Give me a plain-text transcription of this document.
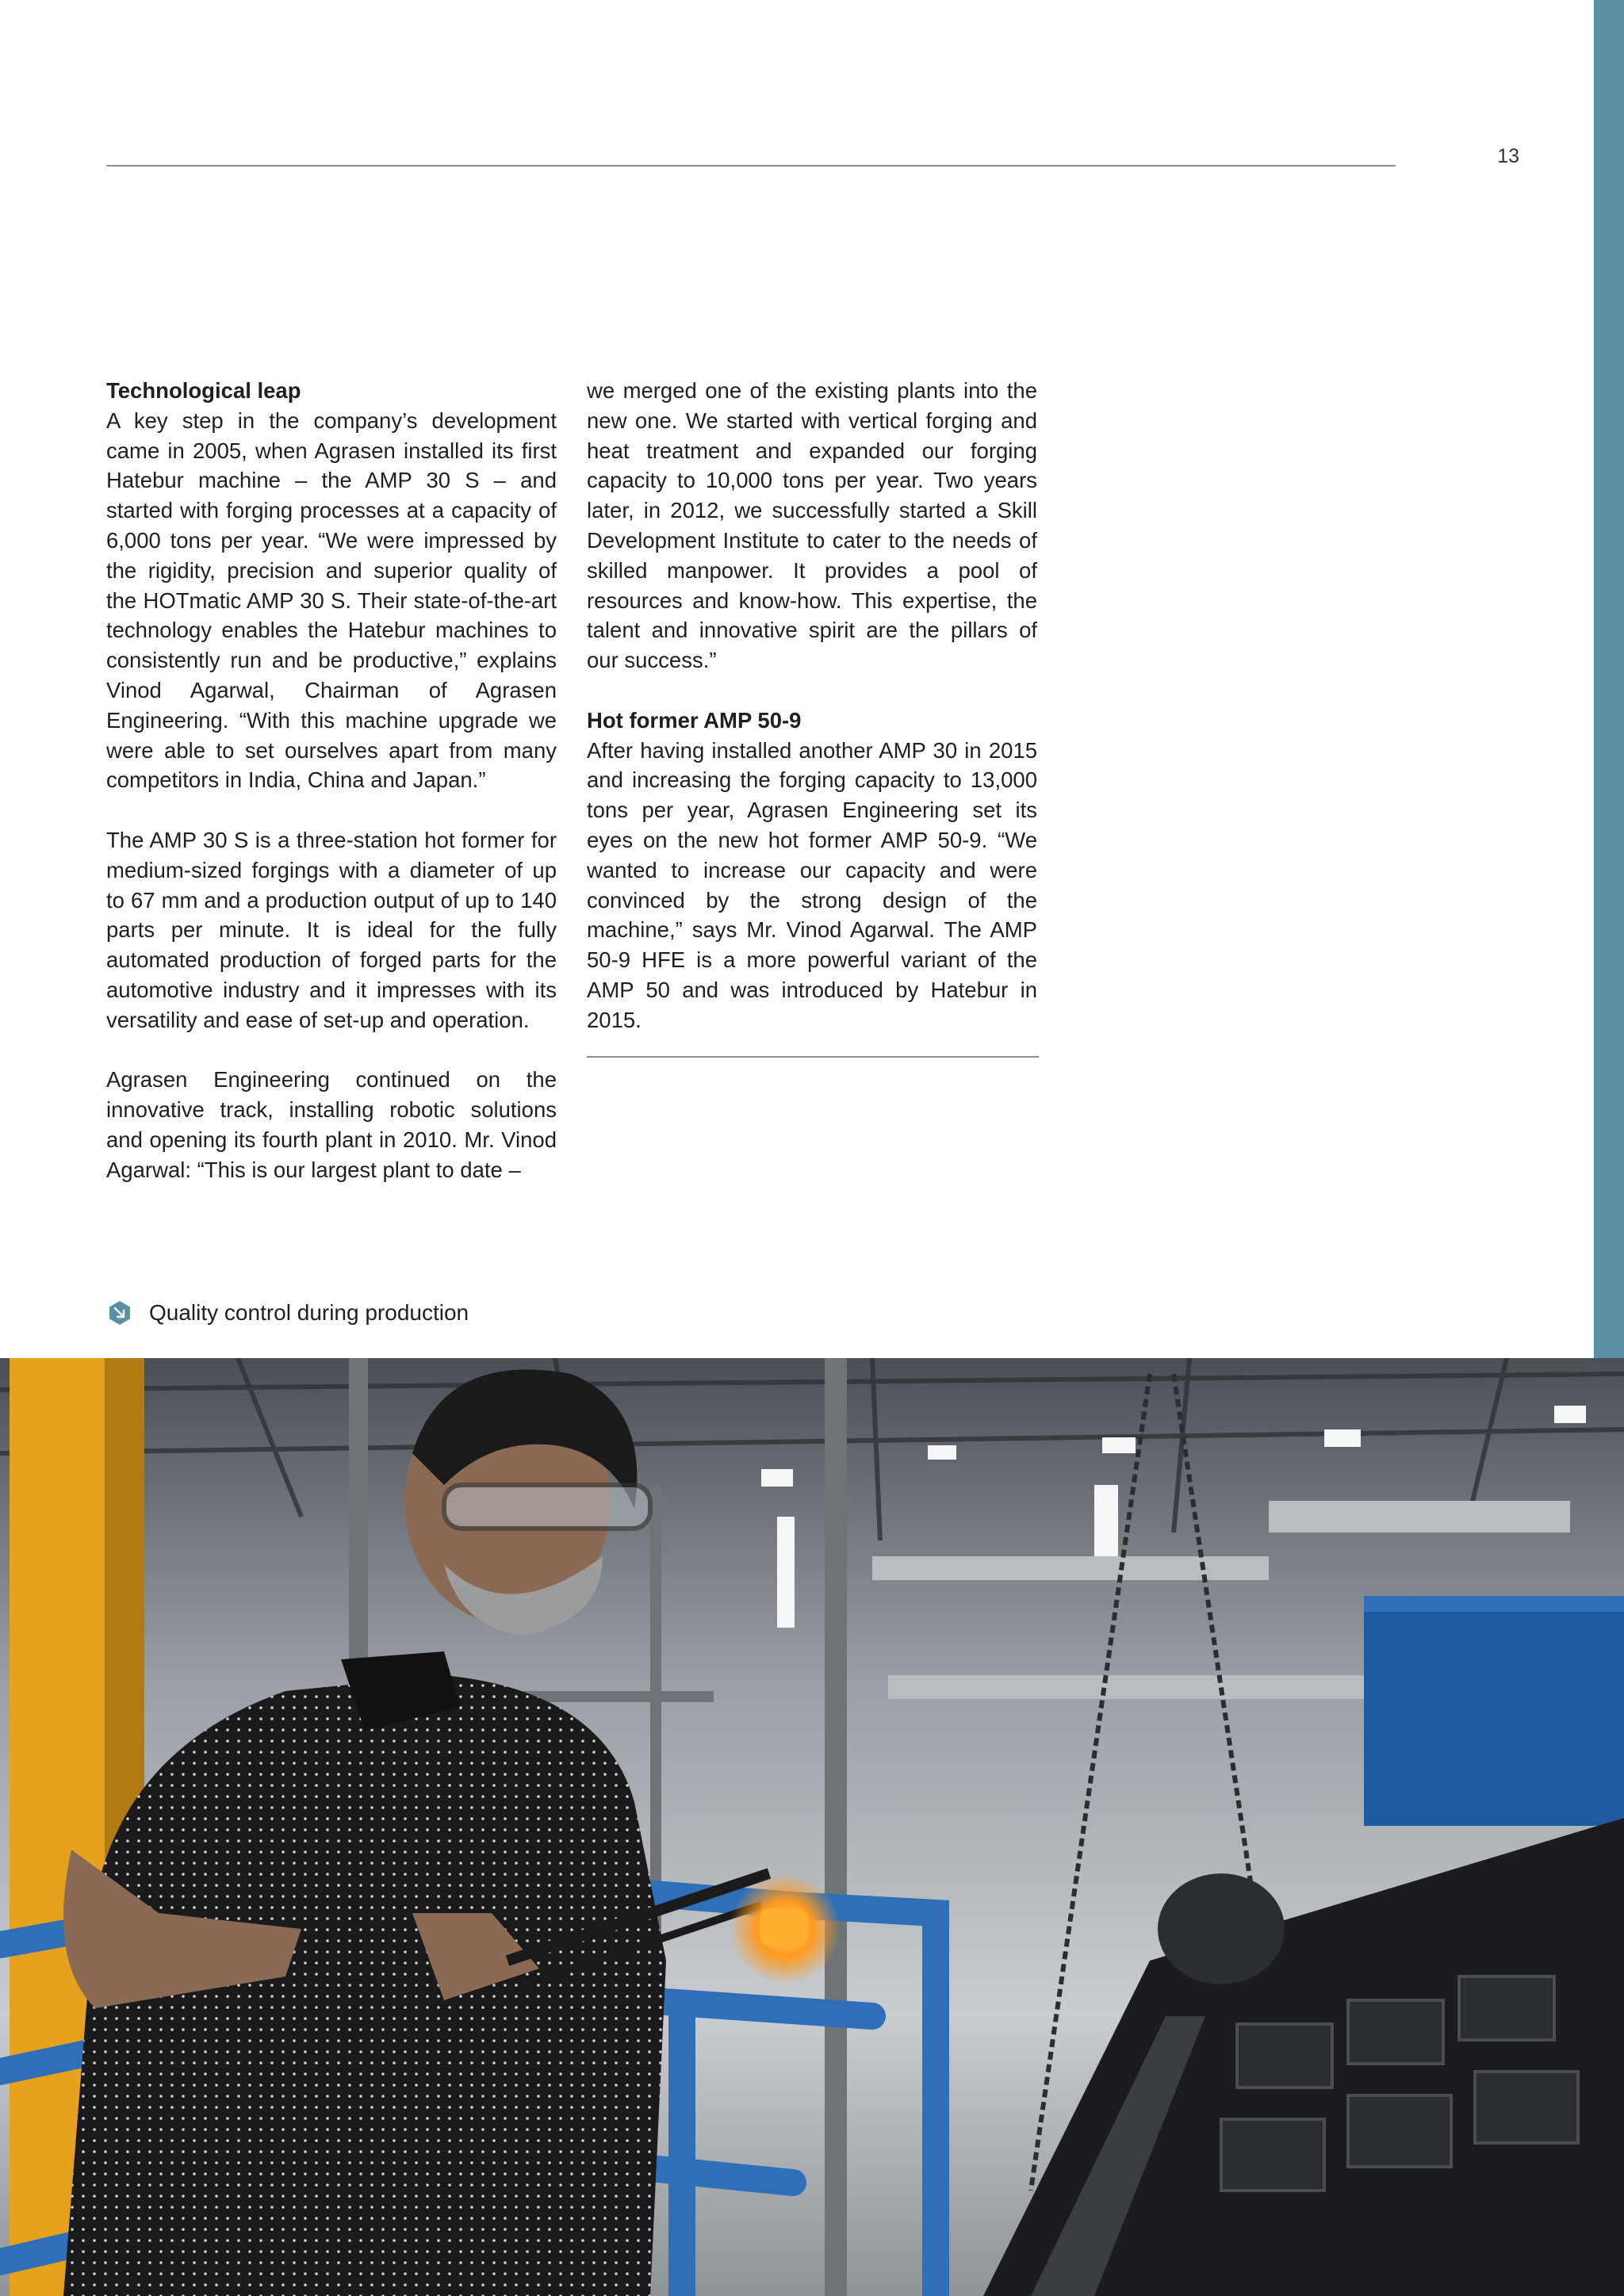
13

Technological leap
A key step in the company’s development came in 2005, when Agrasen installed its first Hatebur machine – the AMP 30 S – and started with forging processes at a capacity of 6,000 tons per year. “We were impressed by the rigidity, precision and superior quality of the HOTmatic AMP 30 S. Their state-of-the-art technology enables the Hatebur machines to consistently run and be productive,” explains Vinod Agarwal, Chairman of Agrasen Engineering. “With this machine upgrade we were able to set ourselves apart from many competitors in India, China and Japan.”

The AMP 30 S is a three-station hot former for medium-sized forgings with a diameter of up to 67 mm and a production output of up to 140 parts per minute. It is ideal for the fully automated production of forged parts for the automotive industry and it impresses with its versatility and ease of set-up and operation.

Agrasen Engineering continued on the innovative track, installing robotic solutions and opening its fourth plant in 2010. Mr. Vinod Agarwal: “This is our largest plant to date –

we merged one of the existing plants into the new one. We started with vertical forging and heat treatment and expanded our forging capacity to 10,000 tons per year. Two years later, in 2012, we successfully started a Skill Development Institute to cater to the needs of skilled manpower. It provides a pool of resources and know-how. This expertise, the talent and innovative spirit are the pillars of our success.”

Hot former AMP 50-9
After having installed another AMP 30 in 2015 and increasing the forging capacity to 13,000 tons per year, Agrasen Engineering set its eyes on the new hot former AMP 50-9. “We wanted to increase our capacity and were convinced by the strong design of the machine,” says Mr. Vinod Agarwal. The AMP 50-9 HFE is a more powerful variant of the AMP 50 and was introduced by Hatebur in 2015.

Quality control during production
